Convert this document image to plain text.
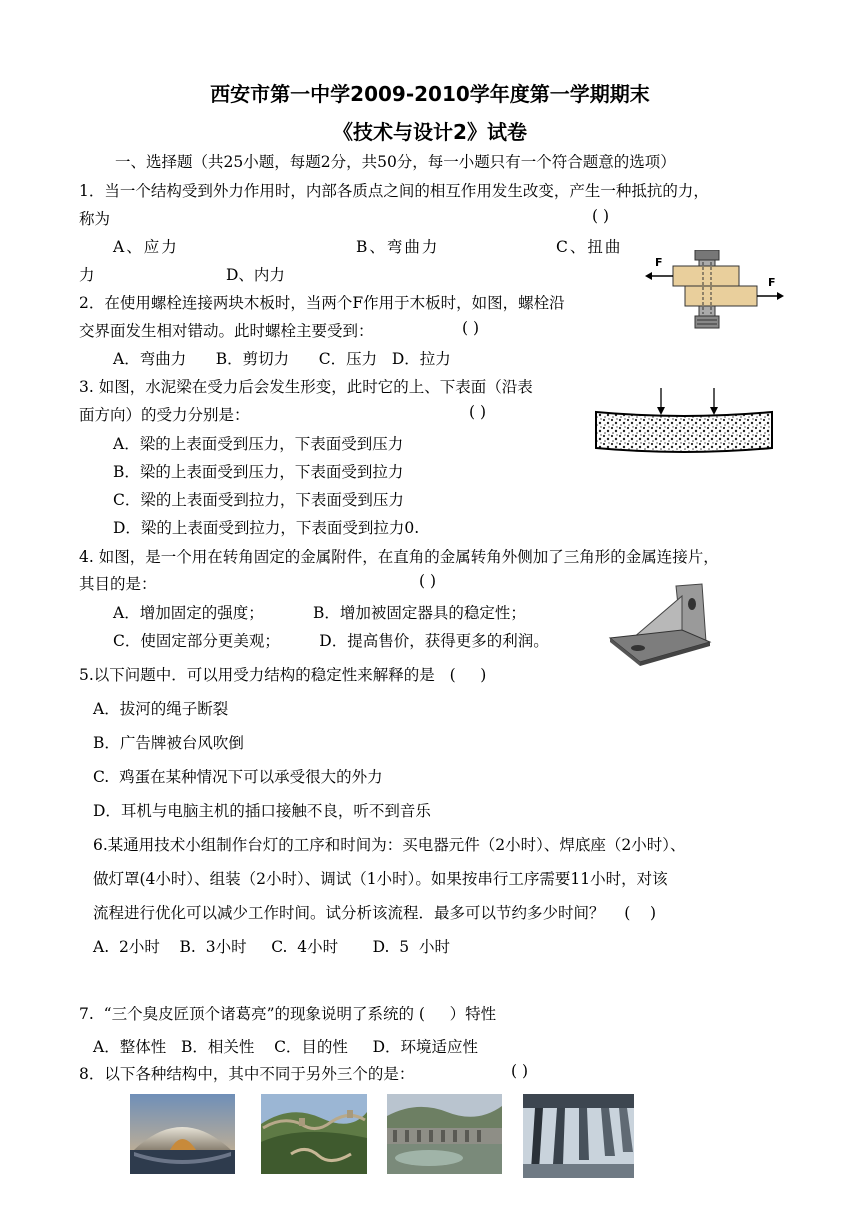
西安市第一中学2009-2010学年度第一学期期末
《技术与设计2》试卷
一、选择题（共25小题，每题2分，共50分，每一小题只有一个符合题意的选项）
1．当一个结构受到外力作用时，内部各质点之间的相互作用发生改变，产生一种抵抗的力，
称为	( )
A、应力	B、弯曲力	C、扭曲
力	D、内力
2．在使用螺栓连接两块木板时，当两个F作用于木板时，如图，螺栓沿
交界面发生相对错动。此时螺栓主要受到：	( )
A．弯曲力      B．剪切力      C．压力   D．拉力
F
F
3. 如图，水泥梁在受力后会发生形变，此时它的上、下表面（沿表
面方向）的受力分别是：	( )
A．梁的上表面受到压力，下表面受到压力
B．梁的上表面受到压力，下表面受到拉力
C．梁的上表面受到拉力，下表面受到压力
D．梁的上表面受到拉力，下表面受到拉力0.
4. 如图，是一个用在转角固定的金属附件，在直角的金属转角外侧加了三角形的金属连接片，
其目的是：	( )
A．增加固定的强度；          B．增加被固定器具的稳定性；
C．使固定部分更美观；        D．提高售价，获得更多的利润。
5.以下问题中．可以用受力结构的稳定性来解释的是   (     )
A．拔河的绳子断裂
B．广告牌被台风吹倒
C.  鸡蛋在某种情况下可以承受很大的外力
D．耳机与电脑主机的插口接触不良，听不到音乐
6.某通用技术小组制作台灯的工序和时间为：买电器元件（2小时）、焊底座（2小时）、
做灯罩(4小时）、组装（2小时）、调试（1小时）。如果按串行工序需要11小时，对该
流程进行优化可以减少工作时间。试分析该流程．最多可以节约多少时间？    (    )
A.  2小时    B.  3小时     C.  4小时       D.  5  小时
7.  “三个臭皮匠顶个诸葛亮”的现象说明了系统的 (     ）特性
A．整体性   B．相关性    C．目的性     D．环境适应性
8．以下各种结构中，其中不同于另外三个的是：	( )
